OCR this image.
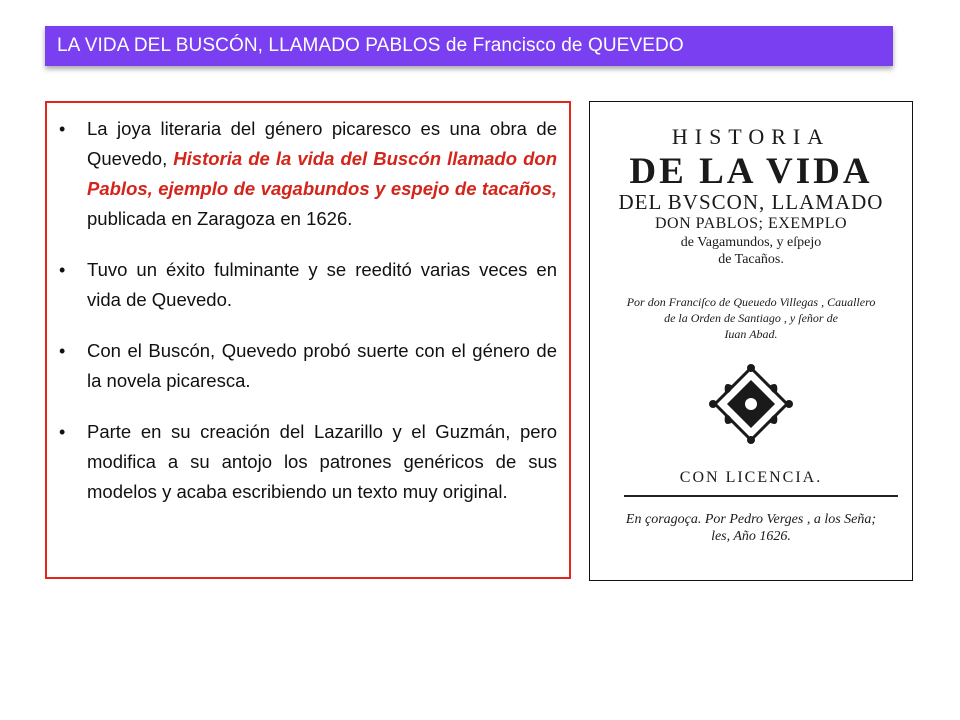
LA VIDA DEL BUSCÓN, LLAMADO PABLOS de Francisco de QUEVEDO
• La joya literaria del género picaresco es una obra de Quevedo, Historia de la vida del Buscón llamado don Pablos, ejemplo de vagabundos y espejo de tacaños, publicada en Zaragoza en 1626.
• Tuvo un éxito fulminante y se reeditó varias veces en vida de Quevedo.
• Con el Buscón, Quevedo probó suerte con el género de la novela picaresca.
• Parte en su creación del Lazarillo y el Guzmán, pero modifica a su antojo los patrones genéricos de sus modelos y acaba escribiendo un texto muy original.
HISTORIA
DE LA VIDA
DEL BVSCON, LLAMADO
DON PABLOS; EXEMPLO
de Vagamundos, y eſpejo
de Tacaños.
Por don Franciſco de Queuedo Villegas , Cauallero
de la Orden de Santiago , y ſeñor de
Iuan Abad.
CON LICENCIA.
En çoragoça. Por Pedro Verges , a los Seña;
les, Año 1626.
